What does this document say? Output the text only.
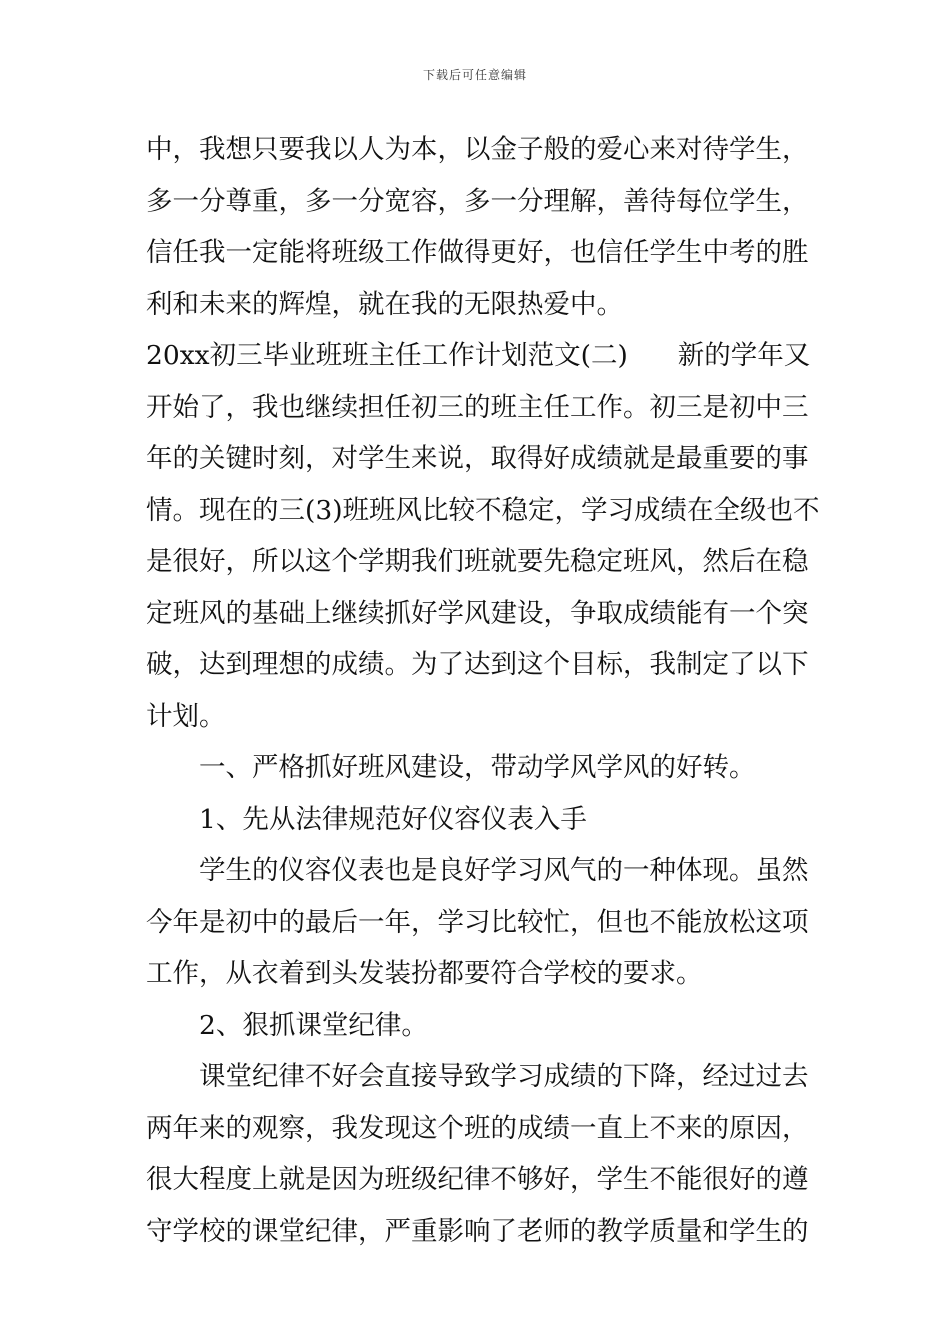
下载后可任意编辑
中，我想只要我以人为本，以金子般的爱心来对待学生，
多一分尊重，多一分宽容，多一分理解，善待每位学生，
信任我一定能将班级工作做得更好，也信任学生中考的胜
利和未来的辉煌，就在我的无限热爱中。
20xx初三毕业班班主任工作计划范文(二) 新的学年又
开始了，我也继续担任初三的班主任工作。初三是初中三
年的关键时刻，对学生来说，取得好成绩就是最重要的事
情。现在的三(3)班班风比较不稳定，学习成绩在全级也不
是很好，所以这个学期我们班就要先稳定班风，然后在稳
定班风的基础上继续抓好学风建设，争取成绩能有一个突
破，达到理想的成绩。为了达到这个目标，我制定了以下
计划。
一、严格抓好班风建设，带动学风学风的好转。
1、先从法律规范好仪容仪表入手
学生的仪容仪表也是良好学习风气的一种体现。虽然
今年是初中的最后一年，学习比较忙，但也不能放松这项
工作，从衣着到头发装扮都要符合学校的要求。
2、狠抓课堂纪律。
课堂纪律不好会直接导致学习成绩的下降，经过过去
两年来的观察，我发现这个班的成绩一直上不来的原因，
很大程度上就是因为班级纪律不够好，学生不能很好的遵
守学校的课堂纪律，严重影响了老师的教学质量和学生的
